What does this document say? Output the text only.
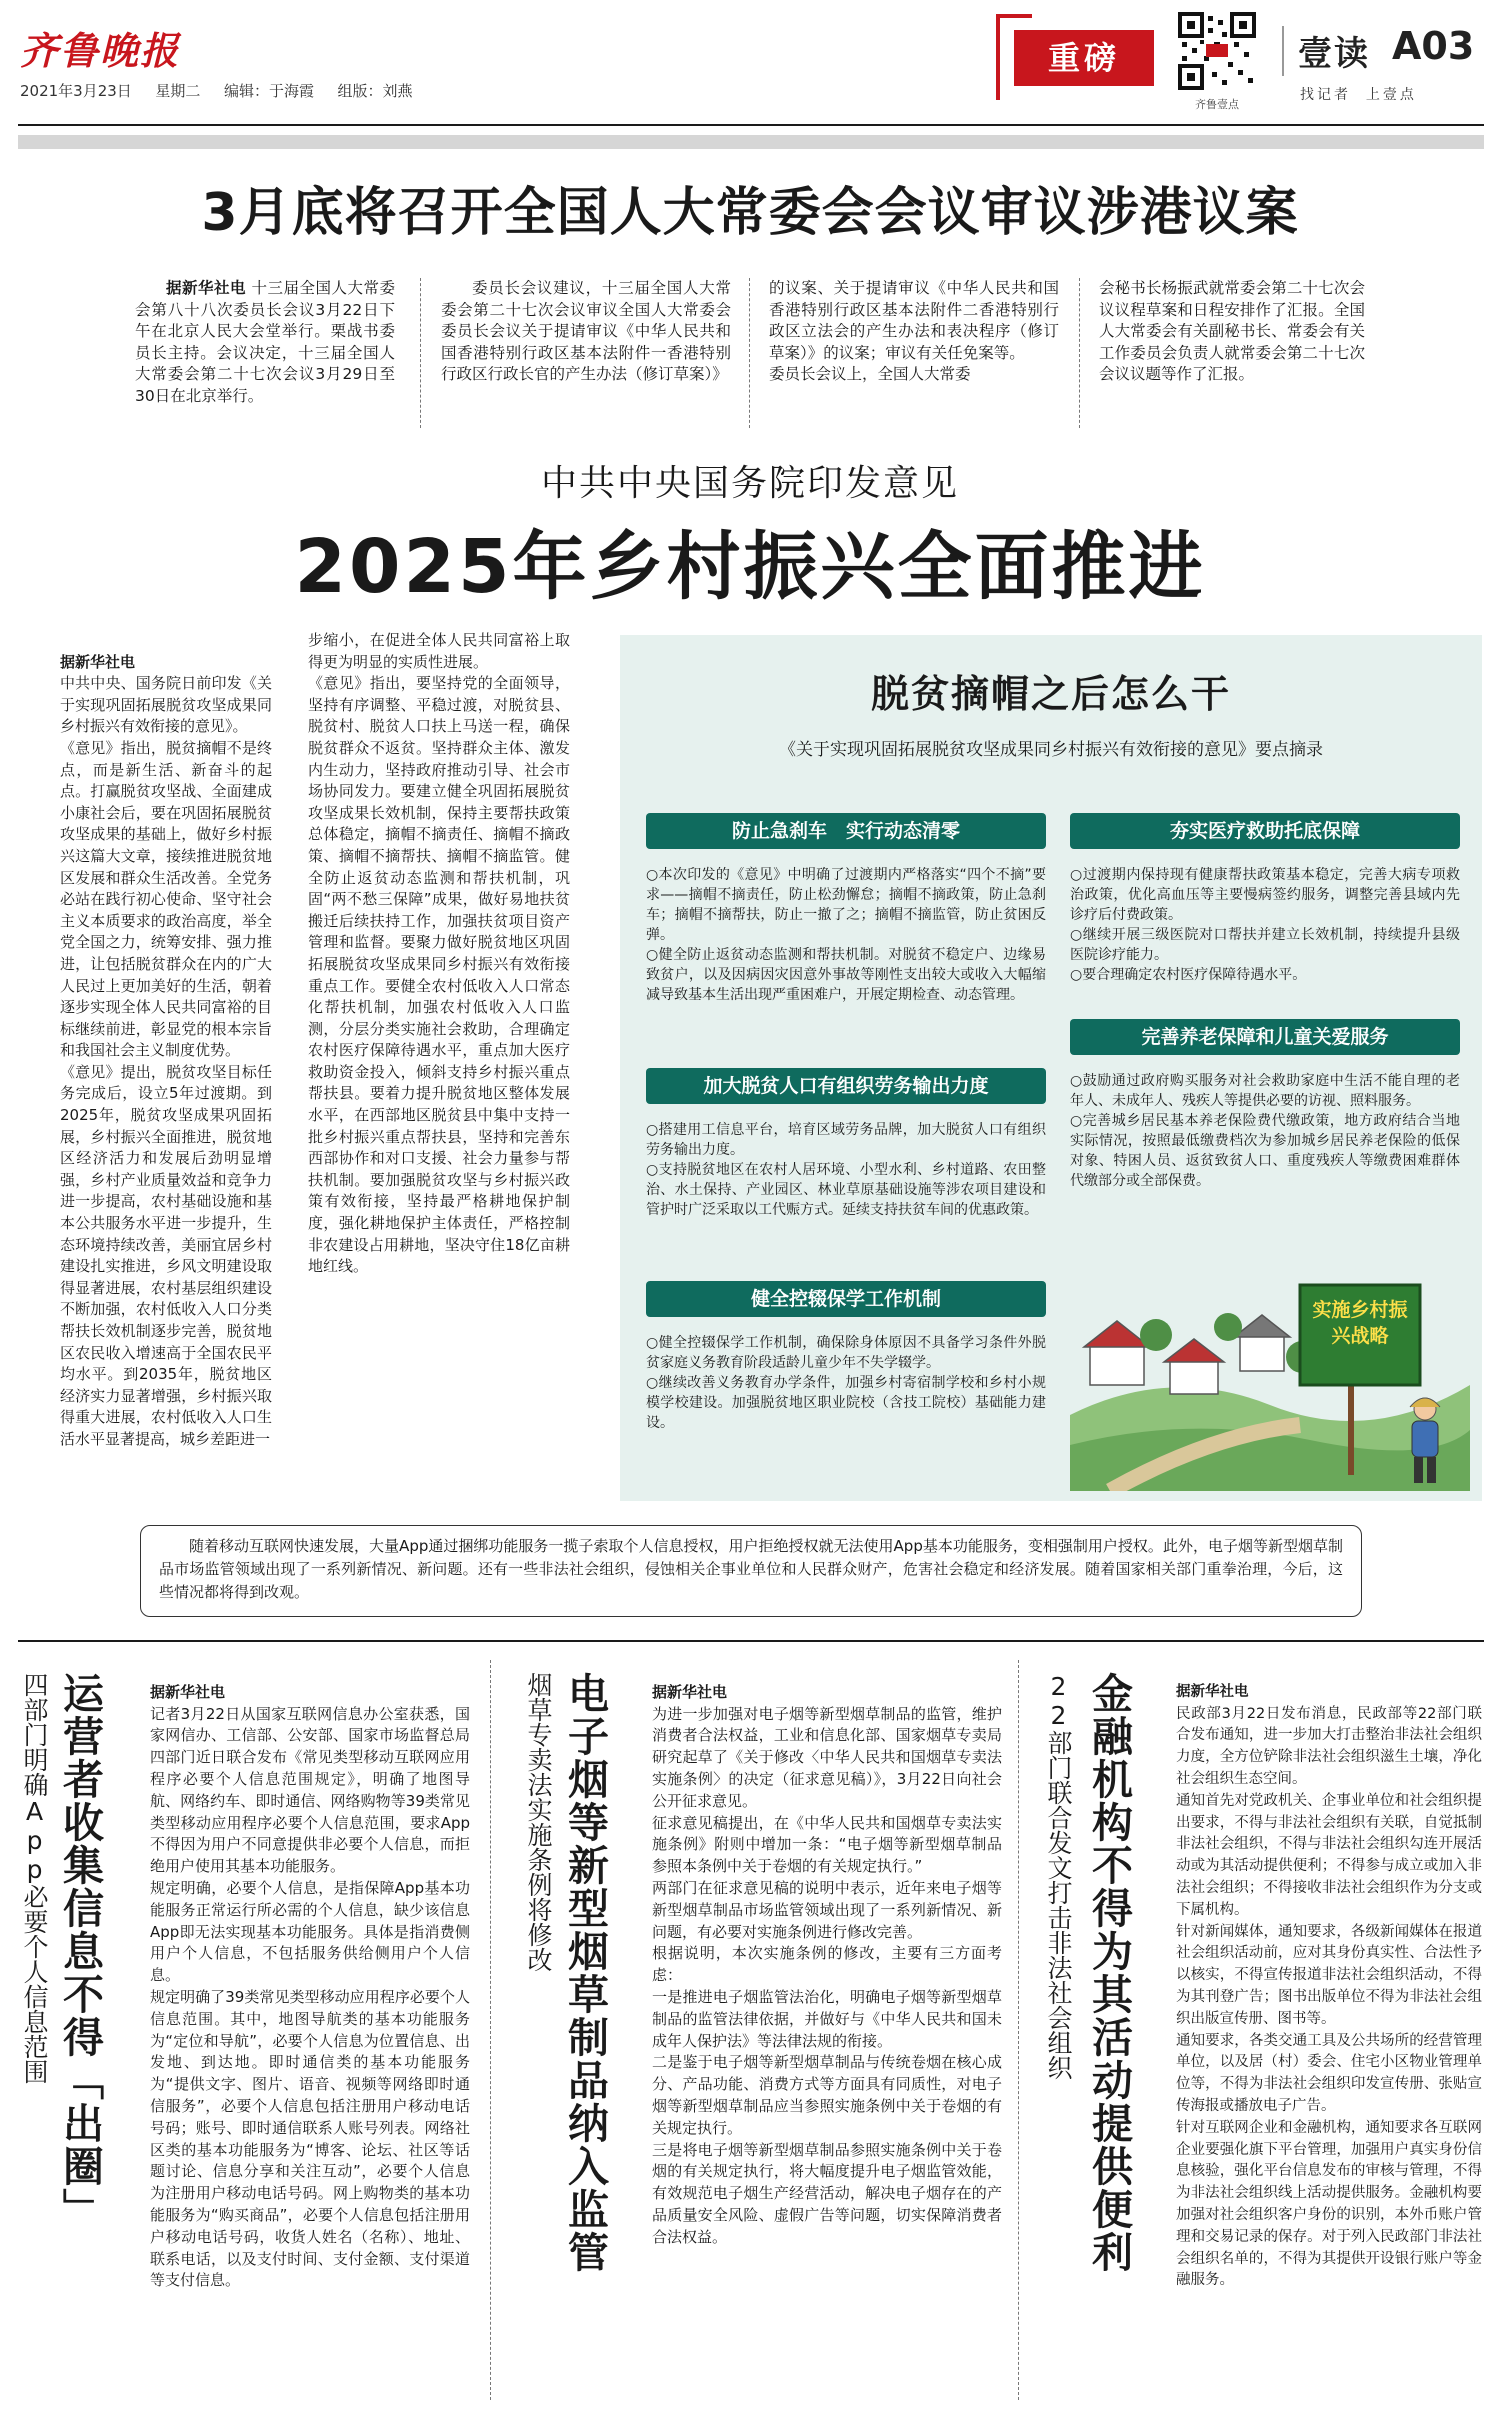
齐鲁晚报
2021年3月23日 星期二 编辑：于海霞 组版：刘燕
重磅
齐鲁壹点
壹读 A03
找记者  上壹点
3月底将召开全国人大常委会会议审议涉港议案

据新华社电 十三届全国人大常委会第八十八次委员长会议3月22日下午在北京人民大会堂举行。栗战书委员长主持。会议决定，十三届全国人大常委会第二十七次会议3月29日至30日在北京举行。

委员长会议建议，十三届全国人大常委会第二十七次会议审议全国人大常委会委员长会议关于提请审议《中华人民共和国香港特别行政区基本法附件一香港特别行政区行政长官的产生办法（修订草案）》

的议案、关于提请审议《中华人民共和国香港特别行政区基本法附件二香港特别行政区立法会的产生办法和表决程序（修订草案）》的议案；审议有关任免案等。
委员长会议上，全国人大常委

会秘书长杨振武就常委会第二十七次会议议程草案和日程安排作了汇报。全国人大常委会有关副秘书长、常委会有关工作委员会负责人就常委会第二十七次会议议题等作了汇报。

中共中央国务院印发意见
2025年乡村振兴全面推进

据新华社电
中共中央、国务院日前印发《关于实现巩固拓展脱贫攻坚成果同乡村振兴有效衔接的意见》。
《意见》指出，脱贫摘帽不是终点，而是新生活、新奋斗的起点。打赢脱贫攻坚战、全面建成小康社会后，要在巩固拓展脱贫攻坚成果的基础上，做好乡村振兴这篇大文章，接续推进脱贫地区发展和群众生活改善。全党务必站在践行初心使命、坚守社会主义本质要求的政治高度，举全党全国之力，统筹安排、强力推进，让包括脱贫群众在内的广大人民过上更加美好的生活，朝着逐步实现全体人民共同富裕的目标继续前进，彰显党的根本宗旨和我国社会主义制度优势。
《意见》提出，脱贫攻坚目标任务完成后，设立5年过渡期。到2025年，脱贫攻坚成果巩固拓展，乡村振兴全面推进，脱贫地区经济活力和发展后劲明显增强，乡村产业质量效益和竞争力进一步提高，农村基础设施和基本公共服务水平进一步提升，生态环境持续改善，美丽宜居乡村建设扎实推进，乡风文明建设取得显著进展，农村基层组织建设不断加强，农村低收入人口分类帮扶长效机制逐步完善，脱贫地区农民收入增速高于全国农民平均水平。到2035年，脱贫地区经济实力显著增强，乡村振兴取得重大进展，农村低收入人口生活水平显著提高，城乡差距进一

步缩小，在促进全体人民共同富裕上取得更为明显的实质性进展。
《意见》指出，要坚持党的全面领导，坚持有序调整、平稳过渡，对脱贫县、脱贫村、脱贫人口扶上马送一程，确保脱贫群众不返贫。坚持群众主体、激发内生动力，坚持政府推动引导、社会市场协同发力。要建立健全巩固拓展脱贫攻坚成果长效机制，保持主要帮扶政策总体稳定，摘帽不摘责任、摘帽不摘政策、摘帽不摘帮扶、摘帽不摘监管。健全防止返贫动态监测和帮扶机制，巩固“两不愁三保障”成果，做好易地扶贫搬迁后续扶持工作，加强扶贫项目资产管理和监督。要聚力做好脱贫地区巩固拓展脱贫攻坚成果同乡村振兴有效衔接重点工作。要健全农村低收入人口常态化帮扶机制，加强农村低收入人口监测，分层分类实施社会救助，合理确定农村医疗保障待遇水平，重点加大医疗救助资金投入，倾斜支持乡村振兴重点帮扶县。要着力提升脱贫地区整体发展水平，在西部地区脱贫县中集中支持一批乡村振兴重点帮扶县，坚持和完善东西部协作和对口支援、社会力量参与帮扶机制。要加强脱贫攻坚与乡村振兴政策有效衔接，坚持最严格耕地保护制度，强化耕地保护主体责任，严格控制非农建设占用耕地，坚决守住18亿亩耕地红线。

脱贫摘帽之后怎么干
《关于实现巩固拓展脱贫攻坚成果同乡村振兴有效衔接的意见》要点摘录
防止急刹车　实行动态清零

○本次印发的《意见》中明确了过渡期内严格落实“四个不摘”要求——摘帽不摘责任，防止松劲懈怠；摘帽不摘政策，防止急刹车；摘帽不摘帮扶，防止一撤了之；摘帽不摘监管，防止贫困反弹。
○健全防止返贫动态监测和帮扶机制。对脱贫不稳定户、边缘易致贫户，以及因病因灾因意外事故等刚性支出较大或收入大幅缩减导致基本生活出现严重困难户，开展定期检查、动态管理。

加大脱贫人口有组织劳务输出力度

○搭建用工信息平台，培育区域劳务品牌，加大脱贫人口有组织劳务输出力度。
○支持脱贫地区在农村人居环境、小型水利、乡村道路、农田整治、水土保持、产业园区、林业草原基础设施等涉农项目建设和管护时广泛采取以工代赈方式。延续支持扶贫车间的优惠政策。

健全控辍保学工作机制

○健全控辍保学工作机制，确保除身体原因不具备学习条件外脱贫家庭义务教育阶段适龄儿童少年不失学辍学。
○继续改善义务教育办学条件，加强乡村寄宿制学校和乡村小规模学校建设。加强脱贫地区职业院校（含技工院校）基础能力建设。

夯实医疗救助托底保障

○过渡期内保持现有健康帮扶政策基本稳定，完善大病专项救治政策，优化高血压等主要慢病签约服务，调整完善县域内先诊疗后付费政策。
○继续开展三级医院对口帮扶并建立长效机制，持续提升县级医院诊疗能力。
○要合理确定农村医疗保障待遇水平。

完善养老保障和儿童关爱服务

○鼓励通过政府购买服务对社会救助家庭中生活不能自理的老年人、未成年人、残疾人等提供必要的访视、照料服务。
○完善城乡居民基本养老保险费代缴政策，地方政府结合当地实际情况，按照最低缴费档次为参加城乡居民养老保险的低保对象、特困人员、返贫致贫人口、重度残疾人等缴费困难群体代缴部分或全部保费。

实施乡村振兴战略

随着移动互联网快速发展，大量App通过捆绑功能服务一揽子索取个人信息授权，用户拒绝授权就无法使用App基本功能服务，变相强制用户授权。此外，电子烟等新型烟草制品市场监管领域出现了一系列新情况、新问题。还有一些非法社会组织，侵蚀相关企事业单位和人民群众财产，危害社会稳定和经济发展。随着国家相关部门重拳治理，今后，这些情况都将得到改观。

运营者收集信息不得「出圈」
四部门明确App必要个人信息范围	据新华社电
记者3月22日从国家互联网信息办公室获悉，国家网信办、工信部、公安部、国家市场监督总局四部门近日联合发布《常见类型移动互联网应用程序必要个人信息范围规定》，明确了地图导航、网络约车、即时通信、网络购物等39类常见类型移动应用程序必要个人信息范围，要求App不得因为用户不同意提供非必要个人信息，而拒绝用户使用其基本功能服务。
规定明确，必要个人信息，是指保障App基本功能服务正常运行所必需的个人信息，缺少该信息App即无法实现基本功能服务。具体是指消费侧用户个人信息，不包括服务供给侧用户个人信息。
规定明确了39类常见类型移动应用程序必要个人信息范围。其中，地图导航类的基本功能服务为“定位和导航”，必要个人信息为位置信息、出发地、到达地。即时通信类的基本功能服务为“提供文字、图片、语音、视频等网络即时通信服务”，必要个人信息包括注册用户移动电话号码；账号、即时通信联系人账号列表。网络社区类的基本功能服务为“博客、论坛、社区等话题讨论、信息分享和关注互动”，必要个人信息为注册用户移动电话号码。网上购物类的基本功能服务为“购买商品”，必要个人信息包括注册用户移动电话号码，收货人姓名（名称）、地址、联系电话，以及支付时间、支付金额、支付渠道等支付信息。

电子烟等新型烟草制品纳入监管
烟草专卖法实施条例将修改	据新华社电
为进一步加强对电子烟等新型烟草制品的监管，维护消费者合法权益，工业和信息化部、国家烟草专卖局研究起草了《关于修改〈中华人民共和国烟草专卖法实施条例〉的决定（征求意见稿）》，3月22日向社会公开征求意见。
征求意见稿提出，在《中华人民共和国烟草专卖法实施条例》附则中增加一条：“电子烟等新型烟草制品参照本条例中关于卷烟的有关规定执行。”
两部门在征求意见稿的说明中表示，近年来电子烟等新型烟草制品市场监管领域出现了一系列新情况、新问题，有必要对实施条例进行修改完善。
根据说明，本次实施条例的修改，主要有三方面考虑：
一是推进电子烟监管法治化，明确电子烟等新型烟草制品的监管法律依据，并做好与《中华人民共和国未成年人保护法》等法律法规的衔接。
二是鉴于电子烟等新型烟草制品与传统卷烟在核心成分、产品功能、消费方式等方面具有同质性，对电子烟等新型烟草制品应当参照实施条例中关于卷烟的有关规定执行。
三是将电子烟等新型烟草制品参照实施条例中关于卷烟的有关规定执行，将大幅度提升电子烟监管效能，有效规范电子烟生产经营活动，解决电子烟存在的产品质量安全风险、虚假广告等问题，切实保障消费者合法权益。	金融机构不得为其活动提供便利
22部门联合发文打击非法社会组织	据新华社电
民政部3月22日发布消息，民政部等22部门联合发布通知，进一步加大打击整治非法社会组织力度，全方位铲除非法社会组织滋生土壤，净化社会组织生态空间。
通知首先对党政机关、企事业单位和社会组织提出要求，不得与非法社会组织有关联，自觉抵制非法社会组织，不得与非法社会组织勾连开展活动或为其活动提供便利；不得参与成立或加入非法社会组织；不得接收非法社会组织作为分支或下属机构。
针对新闻媒体，通知要求，各级新闻媒体在报道社会组织活动前，应对其身份真实性、合法性予以核实，不得宣传报道非法社会组织活动，不得为其刊登广告；图书出版单位不得为非法社会组织出版宣传册、图书等。
通知要求，各类交通工具及公共场所的经营管理单位，以及居（村）委会、住宅小区物业管理单位等，不得为非法社会组织印发宣传册、张贴宣传海报或播放电子广告。
针对互联网企业和金融机构，通知要求各互联网企业要强化旗下平台管理，加强用户真实身份信息核验，强化平台信息发布的审核与管理，不得为非法社会组织线上活动提供服务。金融机构要加强对社会组织客户身份的识别，本外币账户管理和交易记录的保存。对于列入民政部门非法社会组织名单的，不得为其提供开设银行账户等金融服务。
